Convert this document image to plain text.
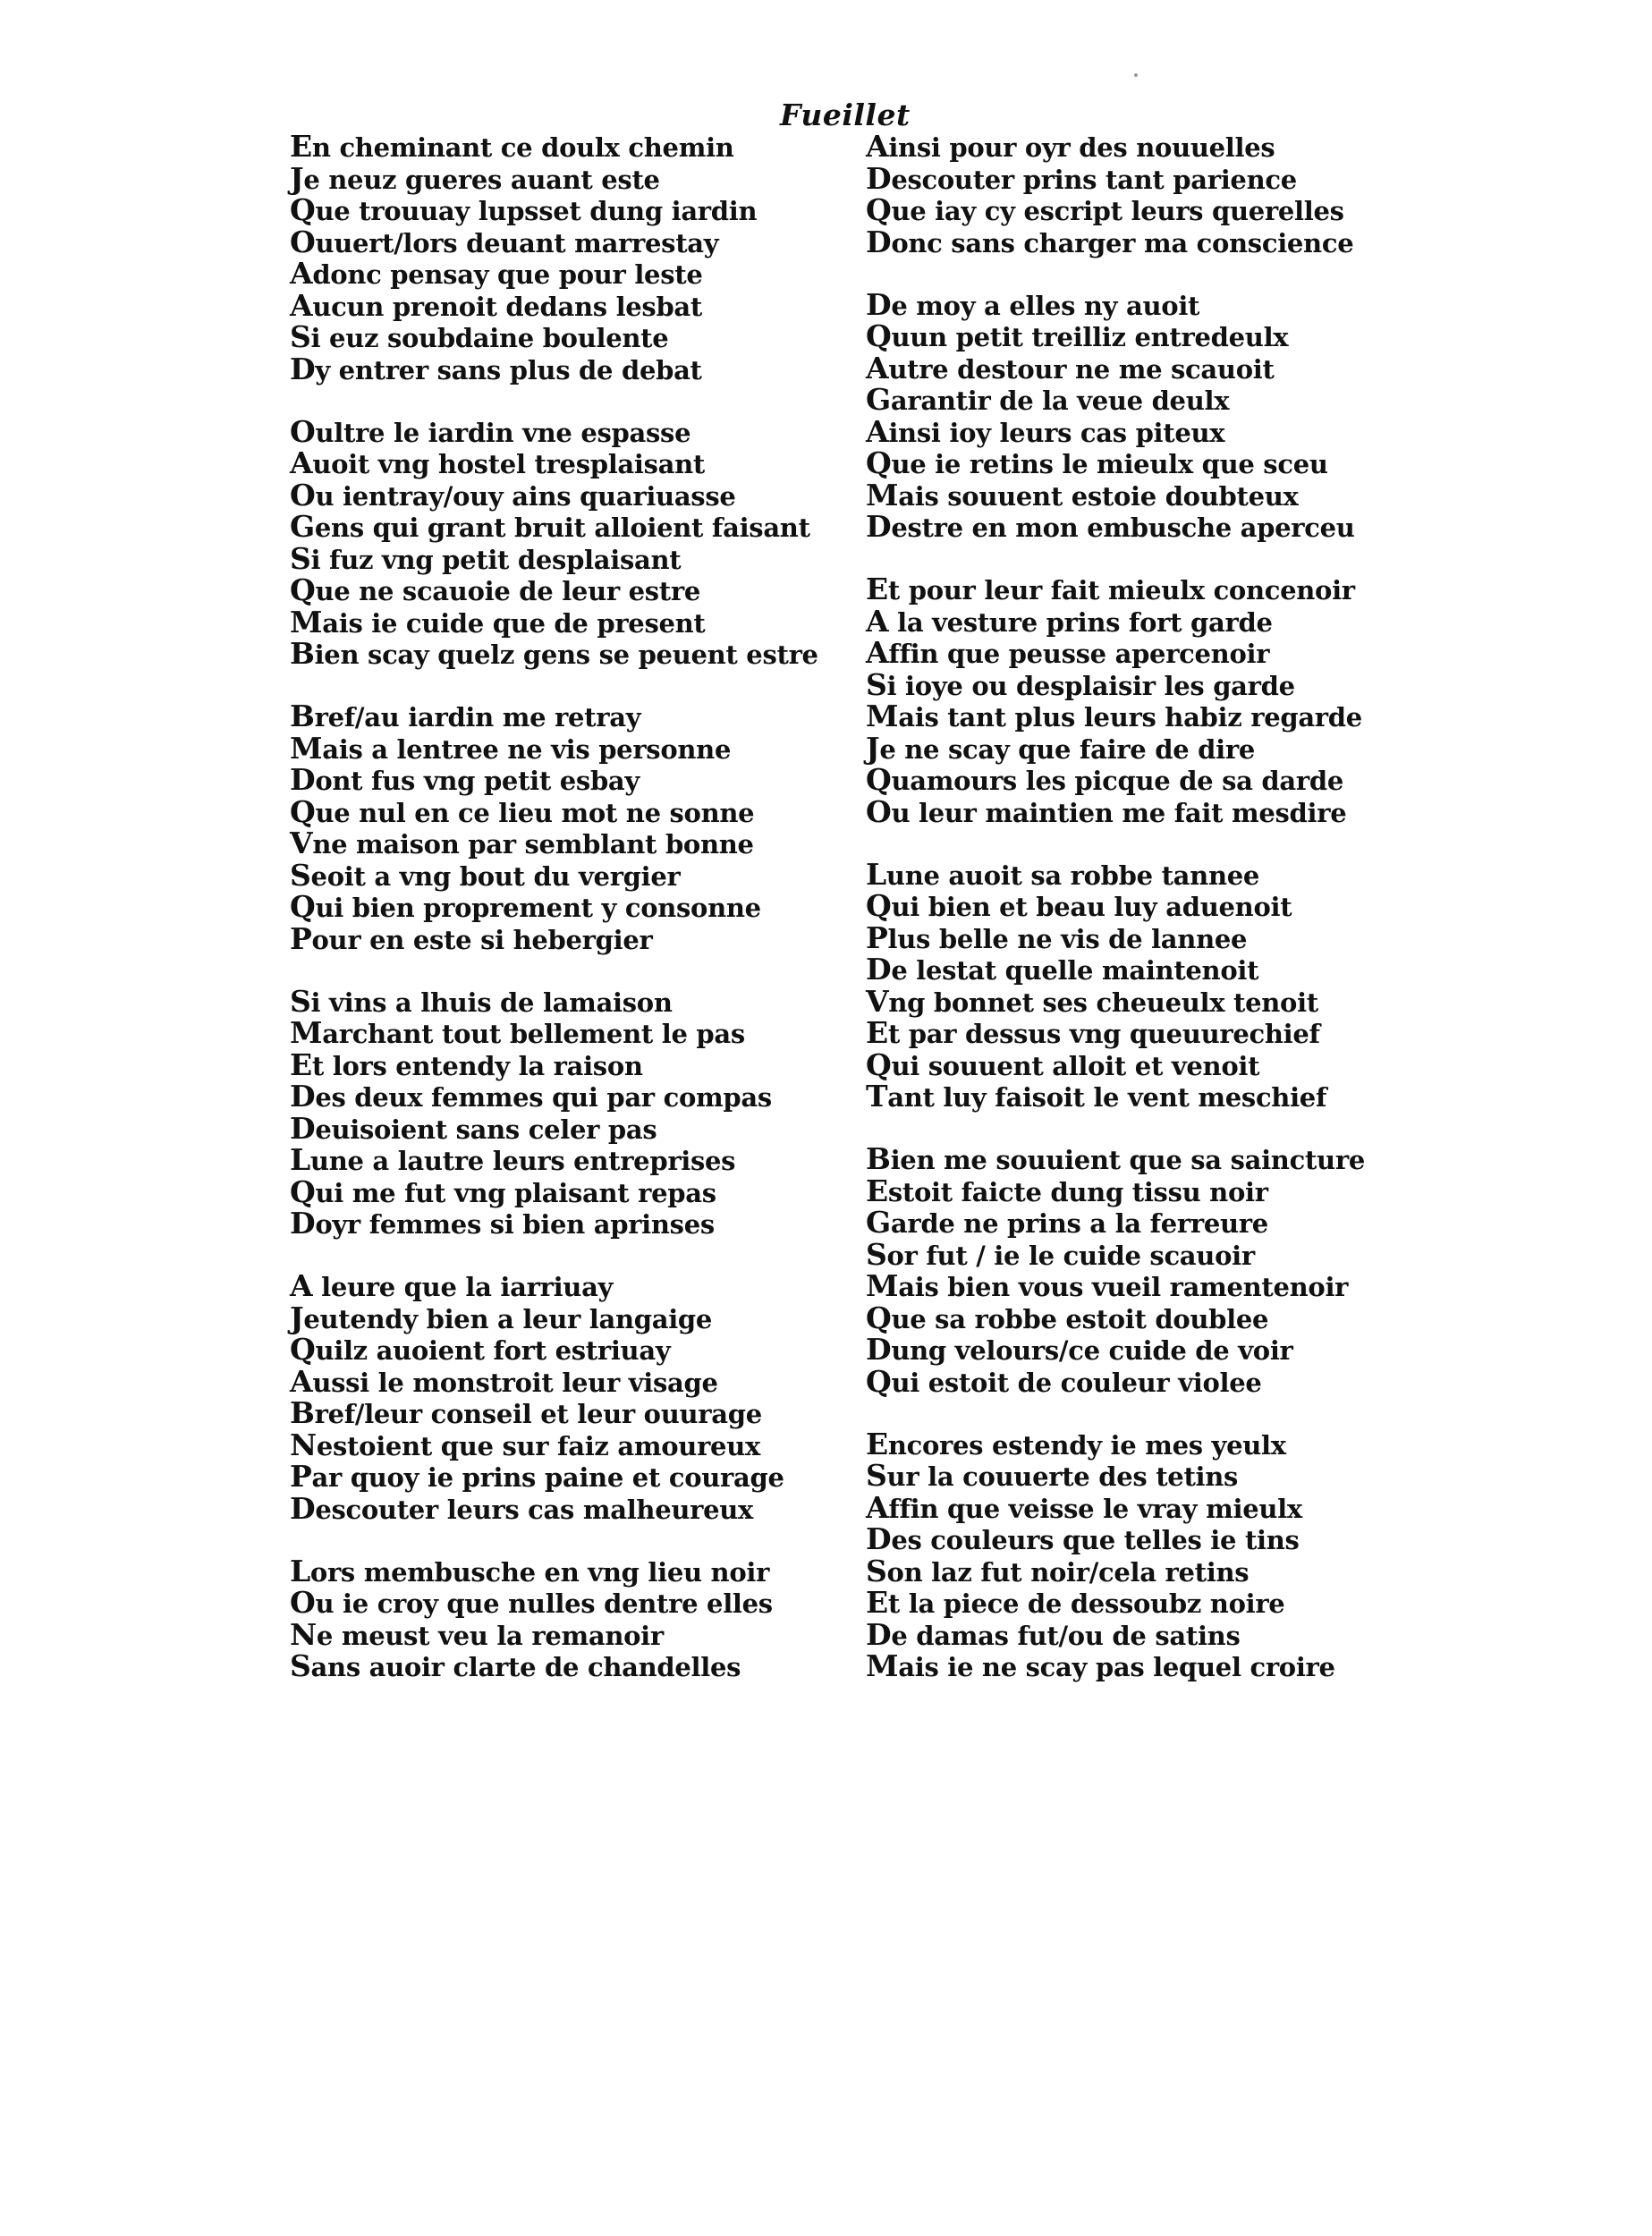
Fueillet
En cheminant ce doulx chemin
Je neuz gueres auant este
Que trouuay lupsset dung iardin
Ouuert/lors deuant marrestay
Adonc pensay que pour leste
Aucun prenoit dedans lesbat
Si euz soubdaine boulente
Dy entrer sans plus de debat
Oultre le iardin vne espasse
Auoit vng hostel tresplaisant
Ou ientray/ouy ains quariuasse
Gens qui grant bruit alloient faisant
Si fuz vng petit desplaisant
Que ne scauoie de leur estre
Mais ie cuide que de present
Bien scay quelz gens se peuent estre
Bref/au iardin me retray
Mais a lentree ne vis personne
Dont fus vng petit esbay
Que nul en ce lieu mot ne sonne
Vne maison par semblant bonne
Seoit a vng bout du vergier
Qui bien proprement y consonne
Pour en este si hebergier
Si vins a lhuis de lamaison
Marchant tout bellement le pas
Et lors entendy la raison
Des deux femmes qui par compas
Deuisoient sans celer pas
Lune a lautre leurs entreprises
Qui me fut vng plaisant repas
Doyr femmes si bien aprinses
A leure que la iarriuay
Jeutendy bien a leur langaige
Quilz auoient fort estriuay
Aussi le monstroit leur visage
Bref/leur conseil et leur ouurage
Nestoient que sur faiz amoureux
Par quoy ie prins paine et courage
Descouter leurs cas malheureux
Lors membusche en vng lieu noir
Ou ie croy que nulles dentre elles
Ne meust veu la remanoir
Sans auoir clarte de chandelles
Ainsi pour oyr des nouuelles
Descouter prins tant parience
Que iay cy escript leurs querelles
Donc sans charger ma conscience
De moy a elles ny auoit
Quun petit treilliz entredeulx
Autre destour ne me scauoit
Garantir de la veue deulx
Ainsi ioy leurs cas piteux
Que ie retins le mieulx que sceu
Mais souuent estoie doubteux
Destre en mon embusche aperceu
Et pour leur fait mieulx concenoir
A la vesture prins fort garde
Affin que peusse apercenoir
Si ioye ou desplaisir les garde
Mais tant plus leurs habiz regarde
Je ne scay que faire de dire
Quamours les picque de sa darde
Ou leur maintien me fait mesdire
Lune auoit sa robbe tannee
Qui bien et beau luy aduenoit
Plus belle ne vis de lannee
De lestat quelle maintenoit
Vng bonnet ses cheueulx tenoit
Et par dessus vng queuurechief
Qui souuent alloit et venoit
Tant luy faisoit le vent meschief
Bien me souuient que sa saincture
Estoit faicte dung tissu noir
Garde ne prins a la ferreure
Sor fut / ie le cuide scauoir
Mais bien vous vueil ramentenoir
Que sa robbe estoit doublee
Dung velours/ce cuide de voir
Qui estoit de couleur violee
Encores estendy ie mes yeulx
Sur la couuerte des tetins
Affin que veisse le vray mieulx
Des couleurs que telles ie tins
Son laz fut noir/cela retins
Et la piece de dessoubz noire
De damas fut/ou de satins
Mais ie ne scay pas lequel croire
